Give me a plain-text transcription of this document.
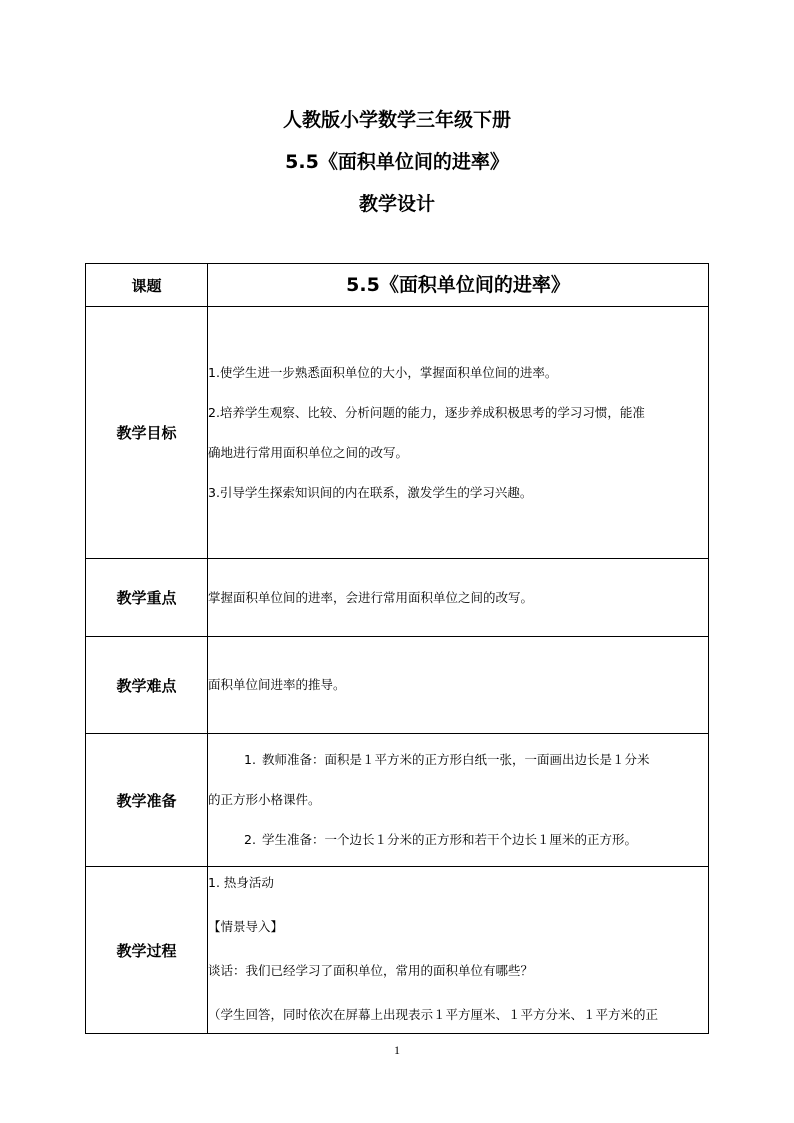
人教版小学数学三年级下册
5.5《面积单位间的进率》
教学设计
课题	5.5《面积单位间的进率》
教学目标	1.使学生进一步熟悉面积单位的大小，掌握面积单位间的进率。

2.培养学生观察、比较、分析问题的能力，逐步养成积极思考的学习习惯，能准

确地进行常用面积单位之间的改写。

3.引导学生探索知识间的内在联系，激发学生的学习兴趣。

教学重点	掌握面积单位间的进率，会进行常用面积单位之间的改写。
教学难点	面积单位间进率的推导。
教学准备	1. 教师准备：面积是１平方米的正方形白纸一张，一面画出边长是１分米

的正方形小格课件。

2. 学生准备：一个边长１分米的正方形和若干个边长１厘米的正方形。

教学过程	1. 热身活动

【情景导入】

谈话：我们已经学习了面积单位，常用的面积单位有哪些？

（学生回答，同时依次在屏幕上出现表示１平方厘米、１平方分米、１平方米的正

1
